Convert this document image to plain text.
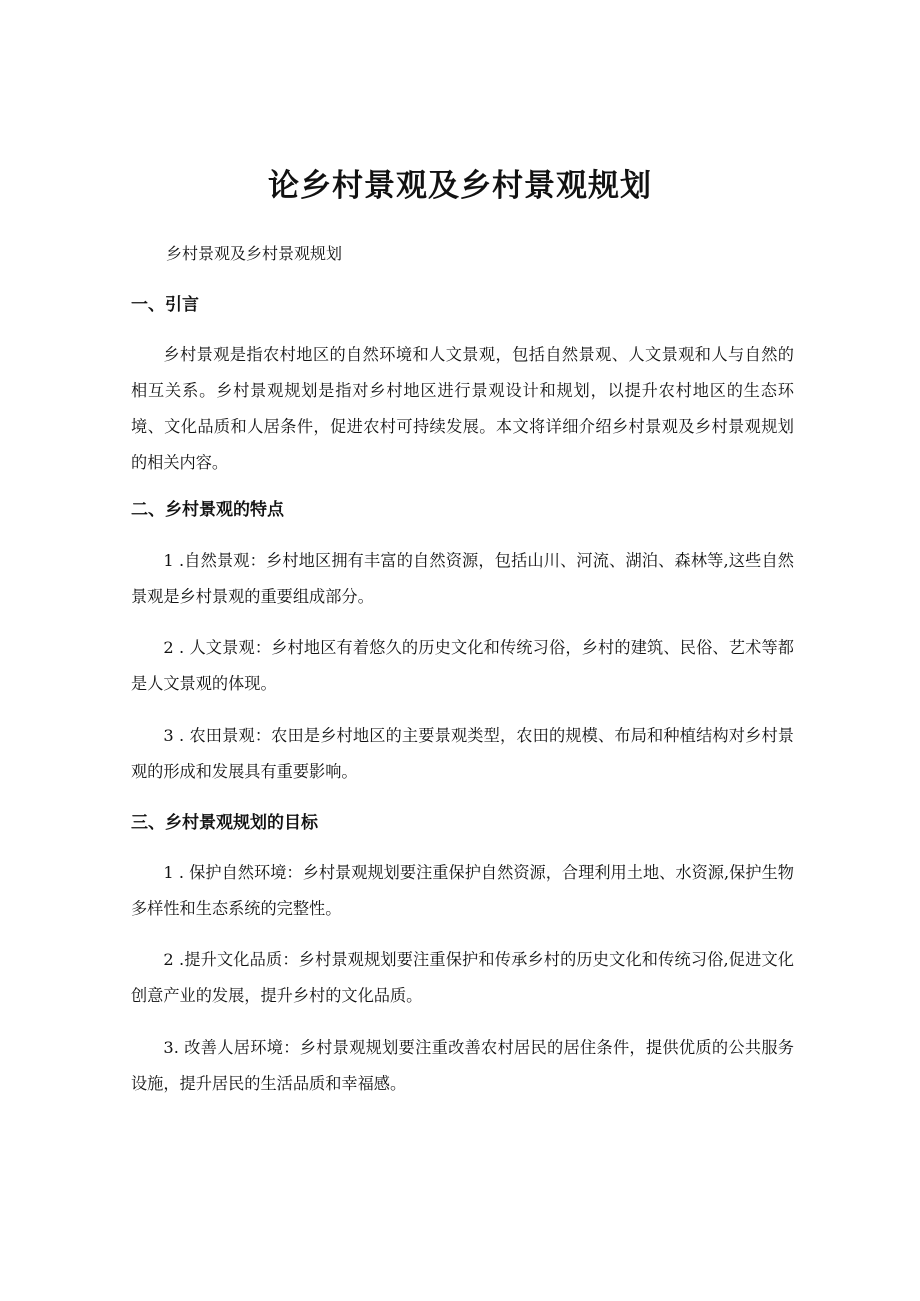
论乡村景观及乡村景观规划

乡村景观及乡村景观规划

一、引言

乡村景观是指农村地区的自然环境和人文景观，包括自然景观、人文景观和人与自然的相互关系。乡村景观规划是指对乡村地区进行景观设计和规划，以提升农村地区的生态环境、文化品质和人居条件，促进农村可持续发展。本文将详细介绍乡村景观及乡村景观规划的相关内容。

二、乡村景观的特点

1 .自然景观：乡村地区拥有丰富的自然资源，包括山川、河流、湖泊、森林等,这些自然景观是乡村景观的重要组成部分。

2 . 人文景观：乡村地区有着悠久的历史文化和传统习俗，乡村的建筑、民俗、艺术等都是人文景观的体现。

3 . 农田景观：农田是乡村地区的主要景观类型，农田的规模、布局和种植结构对乡村景观的形成和发展具有重要影响。

三、乡村景观规划的目标

1 . 保护自然环境：乡村景观规划要注重保护自然资源，合理利用土地、水资源,保护生物多样性和生态系统的完整性。

2 .提升文化品质：乡村景观规划要注重保护和传承乡村的历史文化和传统习俗,促进文化创意产业的发展，提升乡村的文化品质。

3. 改善人居环境：乡村景观规划要注重改善农村居民的居住条件，提供优质的公共服务设施，提升居民的生活品质和幸福感。
